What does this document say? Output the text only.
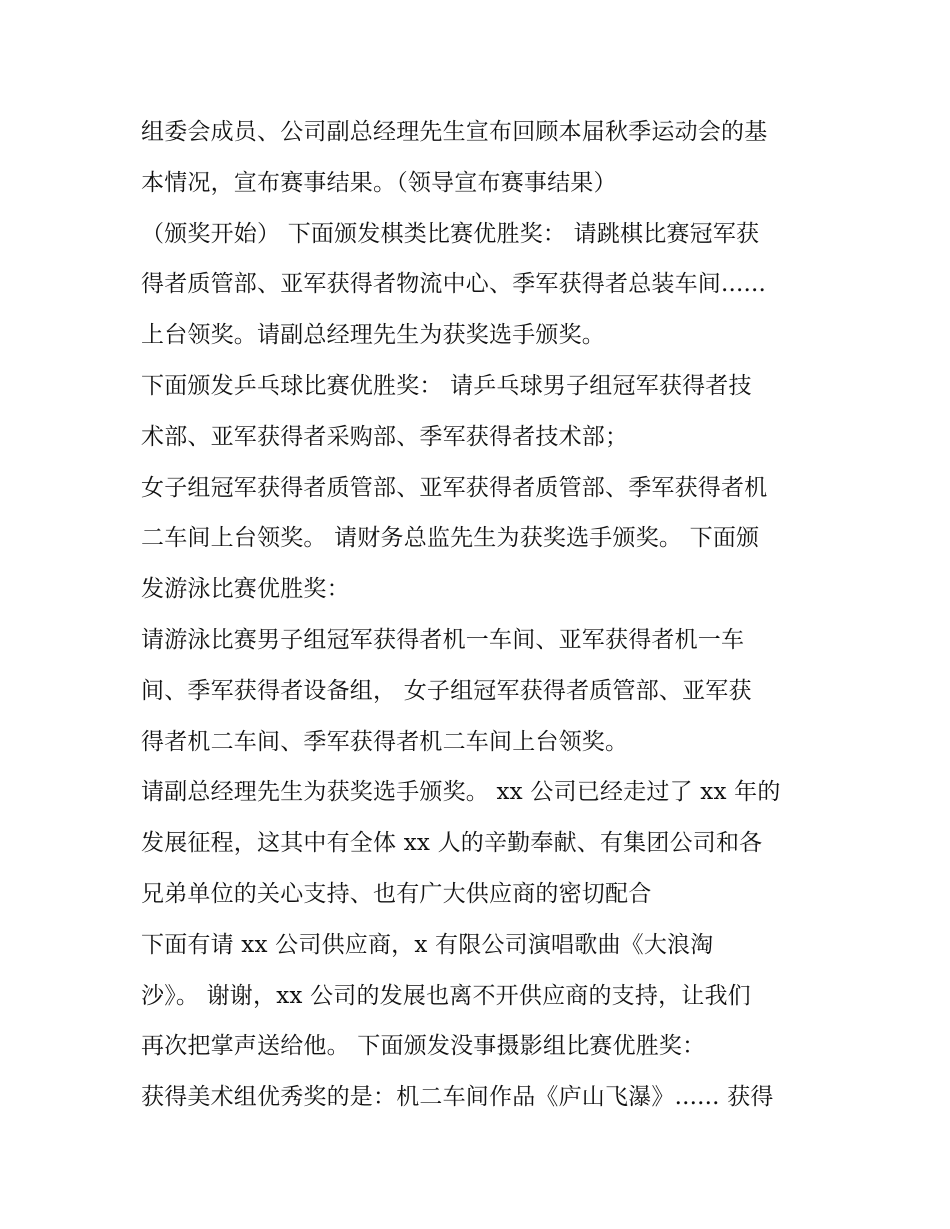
组委会成员、公司副总经理先生宣布回顾本届秋季运动会的基
本情况，宣布赛事结果。（领导宣布赛事结果）
（颁奖开始） 下面颁发棋类比赛优胜奖： 请跳棋比赛冠军获
得者质管部、亚军获得者物流中心、季军获得者总装车间......
上台领奖。请副总经理先生为获奖选手颁奖。
下面颁发乒乓球比赛优胜奖： 请乒乓球男子组冠军获得者技
术部、亚军获得者采购部、季军获得者技术部；
女子组冠军获得者质管部、亚军获得者质管部、季军获得者机
二车间上台领奖。 请财务总监先生为获奖选手颁奖。 下面颁
发游泳比赛优胜奖：
请游泳比赛男子组冠军获得者机一车间、亚军获得者机一车
间、季军获得者设备组， 女子组冠军获得者质管部、亚军获
得者机二车间、季军获得者机二车间上台领奖。
请副总经理先生为获奖选手颁奖。 xx 公司已经走过了 xx 年的
发展征程，这其中有全体 xx 人的辛勤奉献、有集团公司和各
兄弟单位的关心支持、也有广大供应商的密切配合
下面有请 xx 公司供应商，x 有限公司演唱歌曲《大浪淘
沙》。 谢谢，xx 公司的发展也离不开供应商的支持，让我们
再次把掌声送给他。 下面颁发没事摄影组比赛优胜奖：
获得美术组优秀奖的是：机二车间作品《庐山飞瀑》...... 获得
